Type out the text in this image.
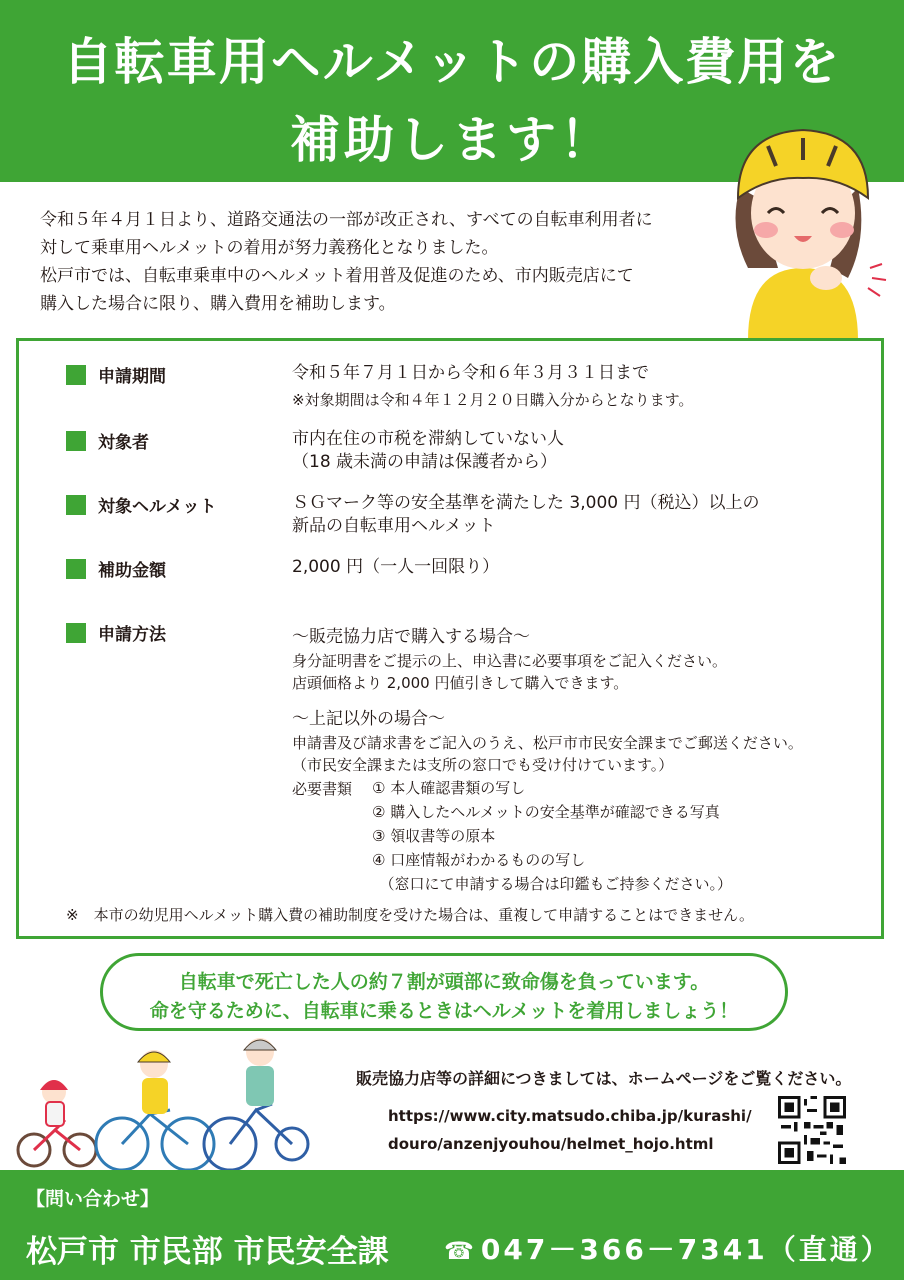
自転車用ヘルメットの購入費用を
補助します！
令和５年４月１日より、道路交通法の一部が改正され、すべての自転車利用者に
対して乗車用ヘルメットの着用が努力義務化となりました。
松戸市では、自転車乗車中のヘルメット着用普及促進のため、市内販売店にて
購入した場合に限り、購入費用を補助します。
申請期間	令和５年７月１日から令和６年３月３１日まで
※対象期間は令和４年１２月２０日購入分からとなります。
対象者	市内在住の市税を滞納していない人
（18 歳未満の申請は保護者から）
対象ヘルメット	ＳＧマーク等の安全基準を満たした 3,000 円（税込）以上の
新品の自転車用ヘルメット
補助金額	2,000 円（一人一回限り）
申請方法	～販売協力店で購入する場合～
身分証明書をご提示の上、申込書に必要事項をご記入ください。
店頭価格より 2,000 円値引きして購入できます。
～上記以外の場合～
申請書及び請求書をご記入のうえ、松戸市市民安全課までご郵送ください。
（市民安全課または支所の窓口でも受け付けています。）
必要書類 ① 本人確認書類の写し
② 購入したヘルメットの安全基準が確認できる写真
③ 領収書等の原本
④ 口座情報がわかるものの写し
　（窓口にて申請する場合は印鑑もご持参ください。）
※　本市の幼児用ヘルメット購入費の補助制度を受けた場合は、重複して申請することはできません。
自転車で死亡した人の約７割が頭部に致命傷を負っています。
命を守るために、自転車に乗るときはヘルメットを着用しましょう！
販売協力店等の詳細につきましては、ホームページをご覧ください。
https://www.city.matsudo.chiba.jp/kurashi/
douro/anzenjyouhou/helmet_hojo.html
【問い合わせ】
松戸市 市民部 市民安全課 ☎ 047－366－7341（直通）
